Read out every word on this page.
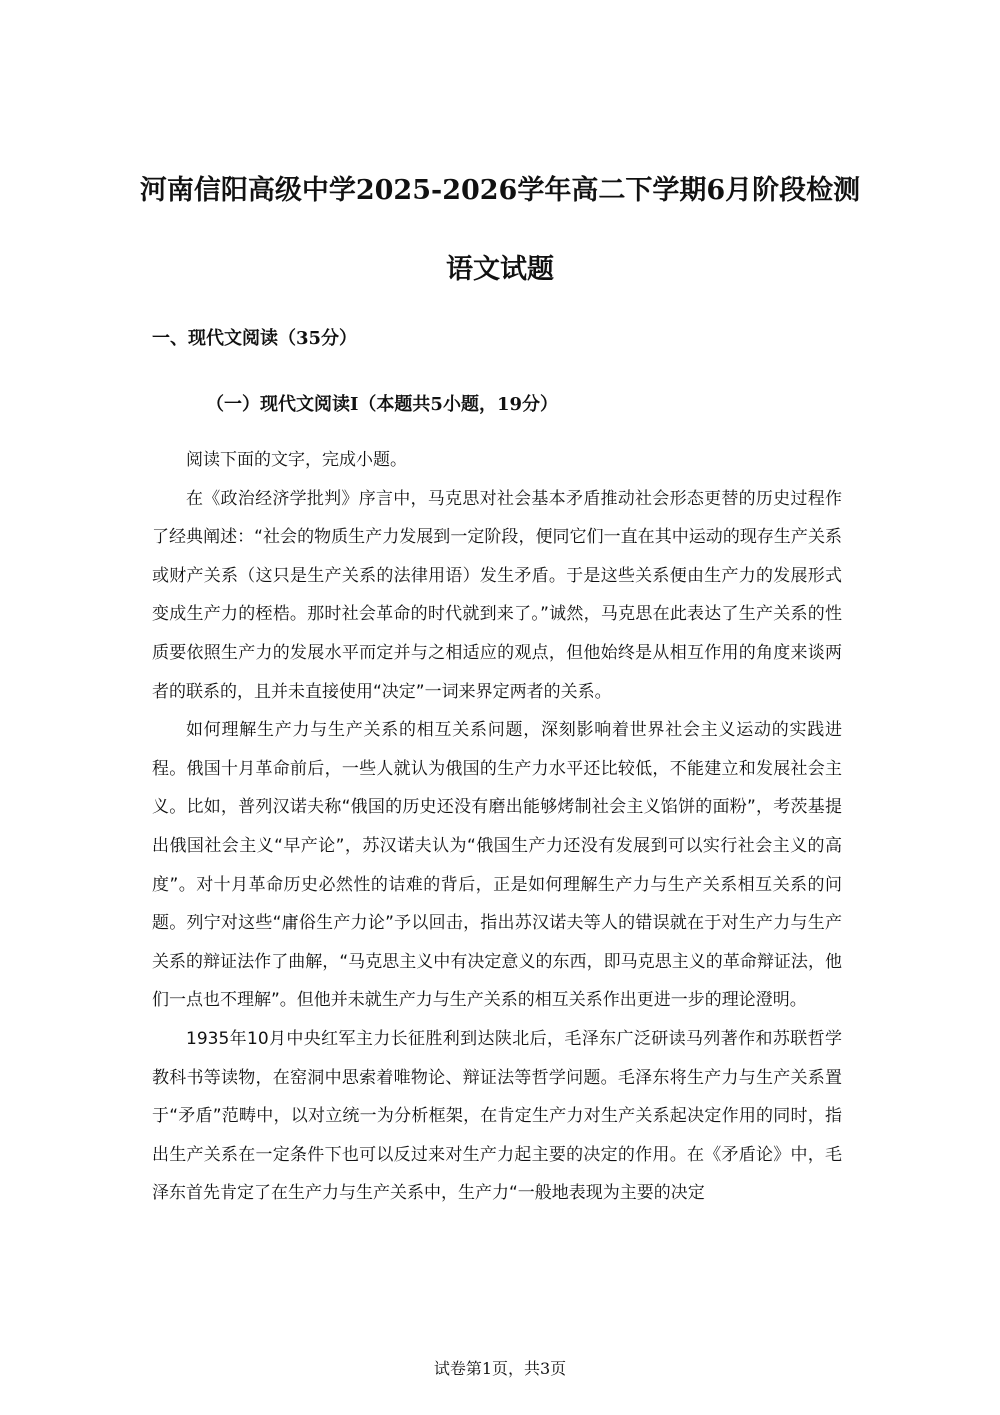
河南信阳高级中学2025-2026学年高二下学期6月阶段检测
语文试题
一、现代文阅读（35分）
（一）现代文阅读I（本题共5小题，19分）

阅读下面的文字，完成小题。

在《政治经济学批判》序言中，马克思对社会基本矛盾推动社会形态更替的历史过程作了经典阐述：“社会的物质生产力发展到一定阶段，便同它们一直在其中运动的现存生产关系或财产关系（这只是生产关系的法律用语）发生矛盾。于是这些关系便由生产力的发展形式变成生产力的桎梏。那时社会革命的时代就到来了。”诚然，马克思在此表达了生产关系的性质要依照生产力的发展水平而定并与之相适应的观点，但他始终是从相互作用的角度来谈两者的联系的，且并未直接使用“决定”一词来界定两者的关系。

如何理解生产力与生产关系的相互关系问题，深刻影响着世界社会主义运动的实践进程。俄国十月革命前后，一些人就认为俄国的生产力水平还比较低，不能建立和发展社会主义。比如，普列汉诺夫称“俄国的历史还没有磨出能够烤制社会主义馅饼的面粉”，考茨基提出俄国社会主义“早产论”，苏汉诺夫认为“俄国生产力还没有发展到可以实行社会主义的高度”。对十月革命历史必然性的诘难的背后，正是如何理解生产力与生产关系相互关系的问题。列宁对这些“庸俗生产力论”予以回击，指出苏汉诺夫等人的错误就在于对生产力与生产关系的辩证法作了曲解，“马克思主义中有决定意义的东西，即马克思主义的革命辩证法，他们一点也不理解”。但他并未就生产力与生产关系的相互关系作出更进一步的理论澄明。

1935年10月中央红军主力长征胜利到达陕北后，毛泽东广泛研读马列著作和苏联哲学教科书等读物，在窑洞中思索着唯物论、辩证法等哲学问题。毛泽东将生产力与生产关系置于“矛盾”范畴中，以对立统一为分析框架，在肯定生产力对生产关系起决定作用的同时，指出生产关系在一定条件下也可以反过来对生产力起主要的决定的作用。在《矛盾论》中，毛泽东首先肯定了在生产力与生产关系中，生产力“一般地表现为主要的决定

试卷第1页，共3页
